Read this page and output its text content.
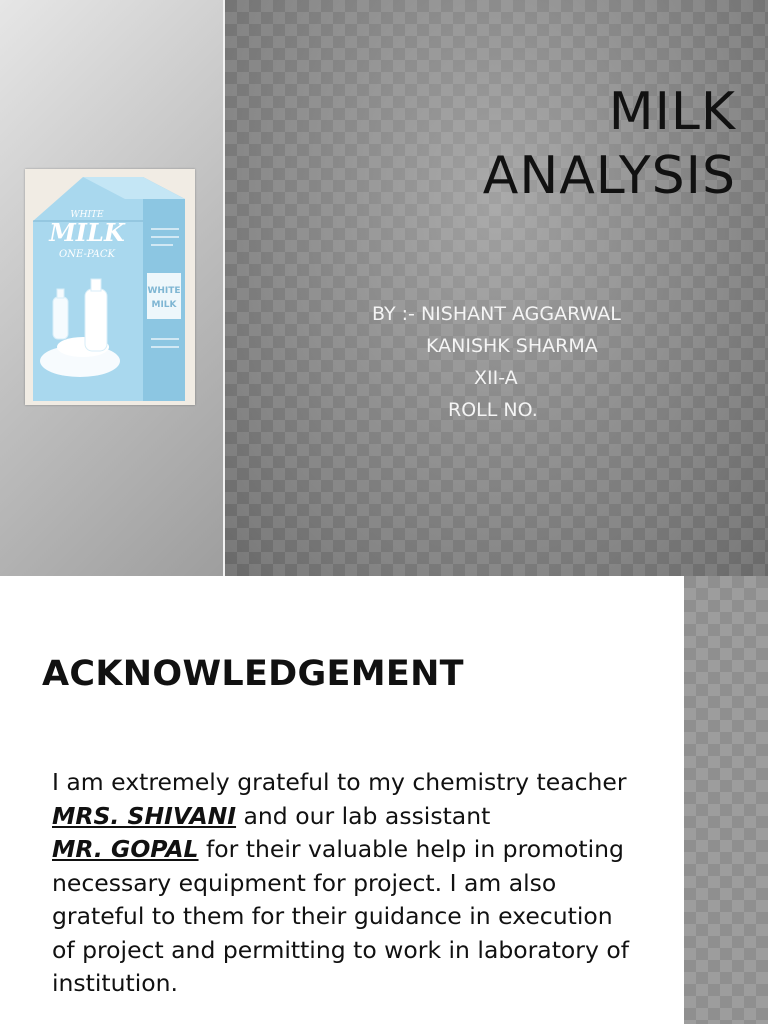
WHITE
MILK
ONE-PACK
WHITE
MILK
MILK
ANALYSIS
BY :- NISHANT AGGARWAL
KANISHK SHARMA
XII-A
ROLL NO.
ACKNOWLEDGEMENT
I am extremely grateful to my chemistry teacher MRS. SHIVANI and our lab assistant
MR. GOPAL for their valuable help in promoting necessary equipment for project. I am also grateful to them for their guidance in execution of project and permitting to work in laboratory of institution.
